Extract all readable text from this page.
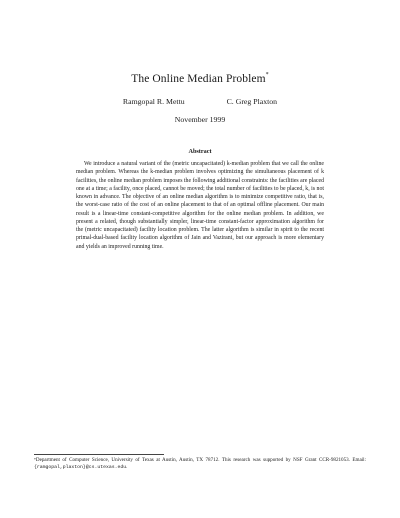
The Online Median Problem*
Ramgopal R. Mettu	C. Greg Plaxton
November 1999
Abstract
We introduce a natural variant of the (metric uncapacitated) k-median problem that we call the online median problem. Whereas the k-median problem involves optimizing the simultaneous placement of k facilities, the online median problem imposes the following additional constraints: the facilities are placed one at a time; a facility, once placed, cannot be moved; the total number of facilities to be placed, k, is not known in advance. The objective of an online median algorithm is to minimize competitive ratio, that is, the worst-case ratio of the cost of an online placement to that of an optimal offline placement. Our main result is a linear-time constant-competitive algorithm for the online median problem. In addition, we present a related, though substantially simpler, linear-time constant-factor approximation algorithm for the (metric uncapacitated) facility location problem. The latter algorithm is similar in spirit to the recent primal-dual-based facility location algorithm of Jain and Vazirani, but our approach is more elementary and yields an improved running time.
*Department of Computer Science, University of Texas at Austin, Austin, TX 78712. This research was supported by NSF Grant CCR-9821053. Email: {ramgopal,plaxton}@cs.utexas.edu.
